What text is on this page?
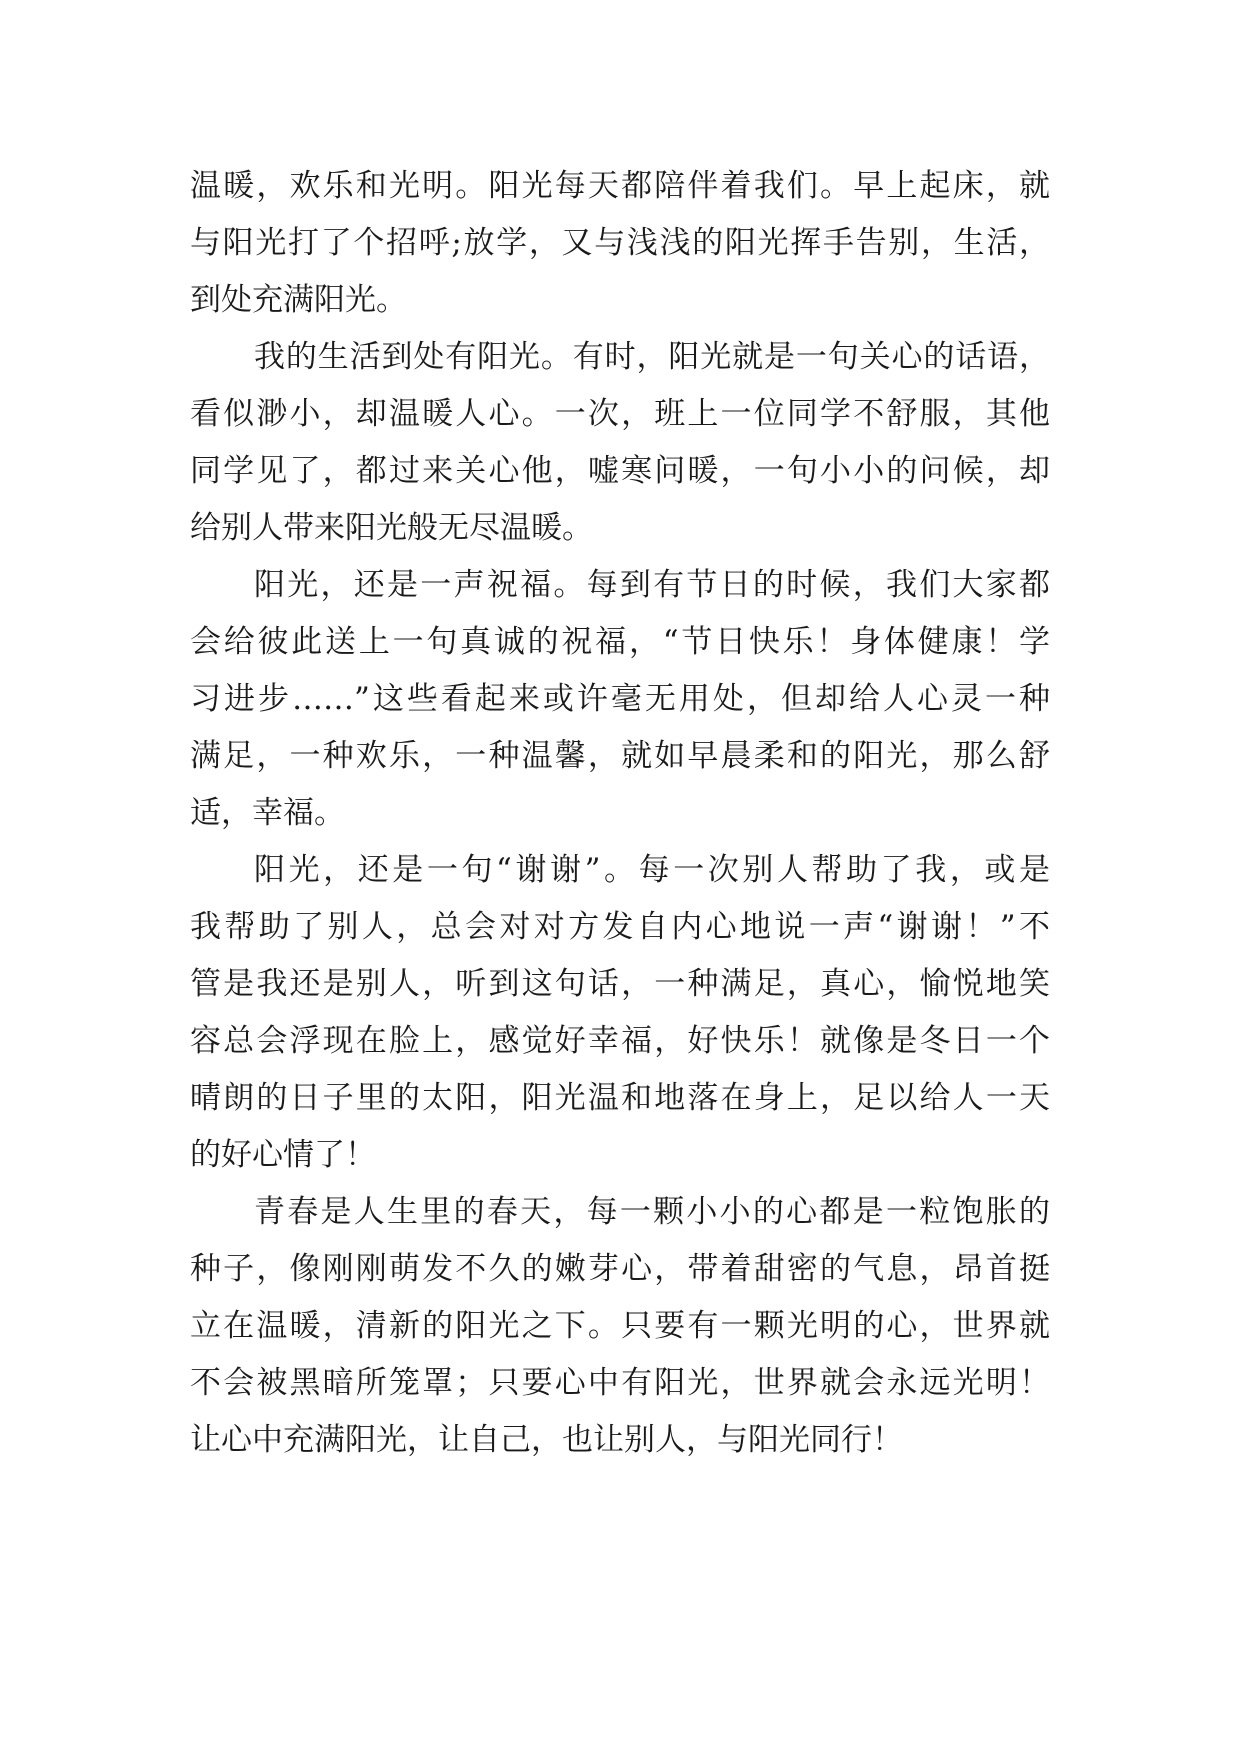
温暖，欢乐和光明。阳光每天都陪伴着我们。早上起床，就
与阳光打了个招呼;放学，又与浅浅的阳光挥手告别，生活，
到处充满阳光。
我的生活到处有阳光。有时，阳光就是一句关心的话语，
看似渺小，却温暖人心。一次，班上一位同学不舒服，其他
同学见了，都过来关心他，嘘寒问暖，一句小小的问候，却
给别人带来阳光般无尽温暖。
阳光，还是一声祝福。每到有节日的时候，我们大家都
会给彼此送上一句真诚的祝福，“节日快乐！身体健康！学
习进步……”这些看起来或许毫无用处，但却给人心灵一种
满足，一种欢乐，一种温馨，就如早晨柔和的阳光，那么舒
适，幸福。
阳光，还是一句“谢谢”。每一次别人帮助了我，或是
我帮助了别人，总会对对方发自内心地说一声“谢谢！”不
管是我还是别人，听到这句话，一种满足，真心，愉悦地笑
容总会浮现在脸上，感觉好幸福，好快乐！就像是冬日一个
晴朗的日子里的太阳，阳光温和地落在身上，足以给人一天
的好心情了！
青春是人生里的春天，每一颗小小的心都是一粒饱胀的
种子，像刚刚萌发不久的嫩芽心，带着甜密的气息，昂首挺
立在温暖，清新的阳光之下。只要有一颗光明的心，世界就
不会被黑暗所笼罩；只要心中有阳光，世界就会永远光明！
让心中充满阳光，让自己，也让别人，与阳光同行！
